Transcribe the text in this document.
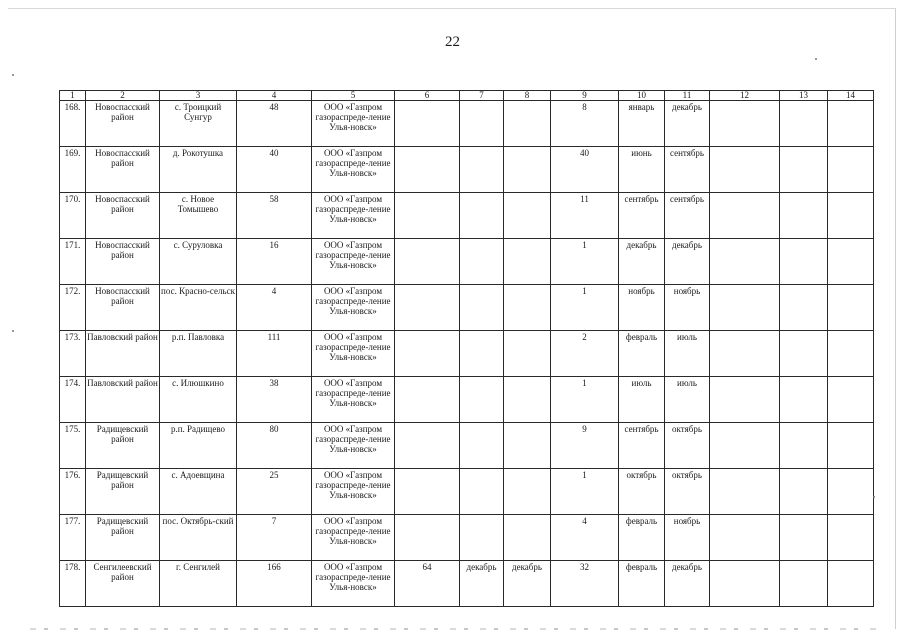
22
1	2	3	4	5	6	7	8	9	10	11	12	13	14
168.	Новоспасский район	с. Троицкий Сунгур	48	ООО «Газпром газораспреде-ление Улья-новск»				8	январь	декабрь			
169.	Новоспасский район	д. Рокотушка	40	ООО «Газпром газораспреде-ление Улья-новск»				40	июнь	сентябрь			
170.	Новоспасский район	с. Новое Томышево	58	ООО «Газпром газораспреде-ление Улья-новск»				11	сентябрь	сентябрь			
171.	Новоспасский район	с. Суруловка	16	ООО «Газпром газораспреде-ление Улья-новск»				1	декабрь	декабрь			
172.	Новоспасский район	пос. Красно-сельск	4	ООО «Газпром газораспреде-ление Улья-новск»				1	ноябрь	ноябрь			
173.	Павловский район	р.п. Павловка	111	ООО «Газпром газораспреде-ление Улья-новск»				2	февраль	июль			
174.	Павловский район	с. Илюшкино	38	ООО «Газпром газораспреде-ление Улья-новск»				1	июль	июль			
175.	Радищевский район	р.п. Радищево	80	ООО «Газпром газораспреде-ление Улья-новск»				9	сентябрь	октябрь			
176.	Радищевский район	с. Адоевщина	25	ООО «Газпром газораспреде-ление Улья-новск»				1	октябрь	октябрь			
177.	Радищевский район	пос. Октябрь-ский	7	ООО «Газпром газораспреде-ление Улья-новск»				4	февраль	ноябрь			
178.	Сенгилеевский район	г. Сенгилей	166	ООО «Газпром газораспреде-ление Улья-новск»	64	декабрь	декабрь	32	февраль	декабрь			
